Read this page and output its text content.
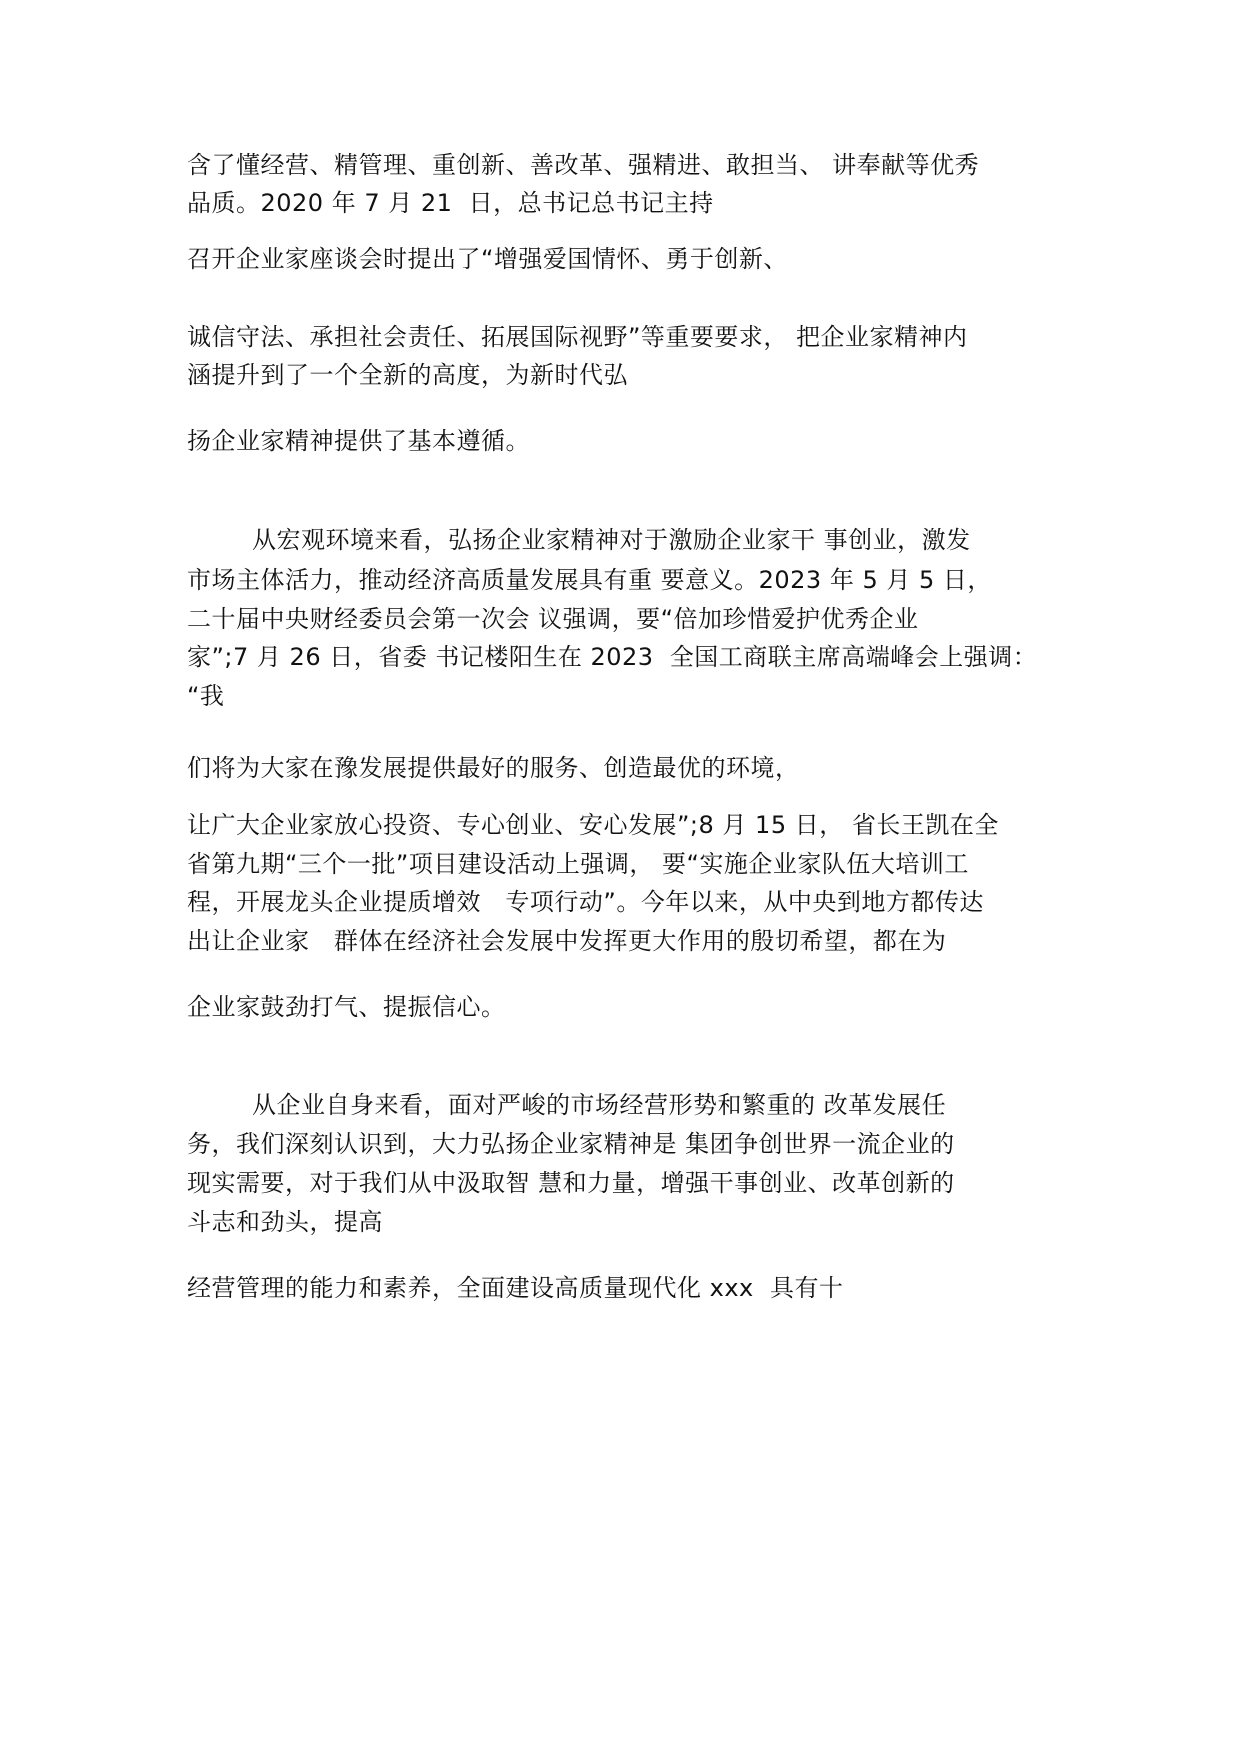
含了懂经营、精管理、重创新、善改革、强精进、敢担当、 讲奉献等优秀
品质。2020 年 7 月 21  日，总书记总书记主持
召开企业家座谈会时提出了“增强爱国情怀、勇于创新、
诚信守法、承担社会责任、拓展国际视野”等重要要求， 把企业家精神内
涵提升到了一个全新的高度，为新时代弘
扬企业家精神提供了基本遵循。
从宏观环境来看，弘扬企业家精神对于激励企业家干 事创业，激发
市场主体活力，推动经济高质量发展具有重 要意义。2023 年 5 月 5 日，
二十届中央财经委员会第一次会 议强调，要“倍加珍惜爱护优秀企业
家”;7 月 26 日，省委 书记楼阳生在 2023  全国工商联主席高端峰会上强调：
“我
们将为大家在豫发展提供最好的服务、创造最优的环境，
让广大企业家放心投资、专心创业、安心发展”;8 月 15 日， 省长王凯在全
省第九期“三个一批”项目建设活动上强调， 要“实施企业家队伍大培训工
程，开展龙头企业提质增效   专项行动”。今年以来，从中央到地方都传达
出让企业家   群体在经济社会发展中发挥更大作用的殷切希望，都在为
企业家鼓劲打气、提振信心。
从企业自身来看，面对严峻的市场经营形势和繁重的 改革发展任
务，我们深刻认识到，大力弘扬企业家精神是 集团争创世界一流企业的
现实需要，对于我们从中汲取智 慧和力量，增强干事创业、改革创新的
斗志和劲头，提高
经营管理的能力和素养，全面建设高质量现代化 xxx  具有十
